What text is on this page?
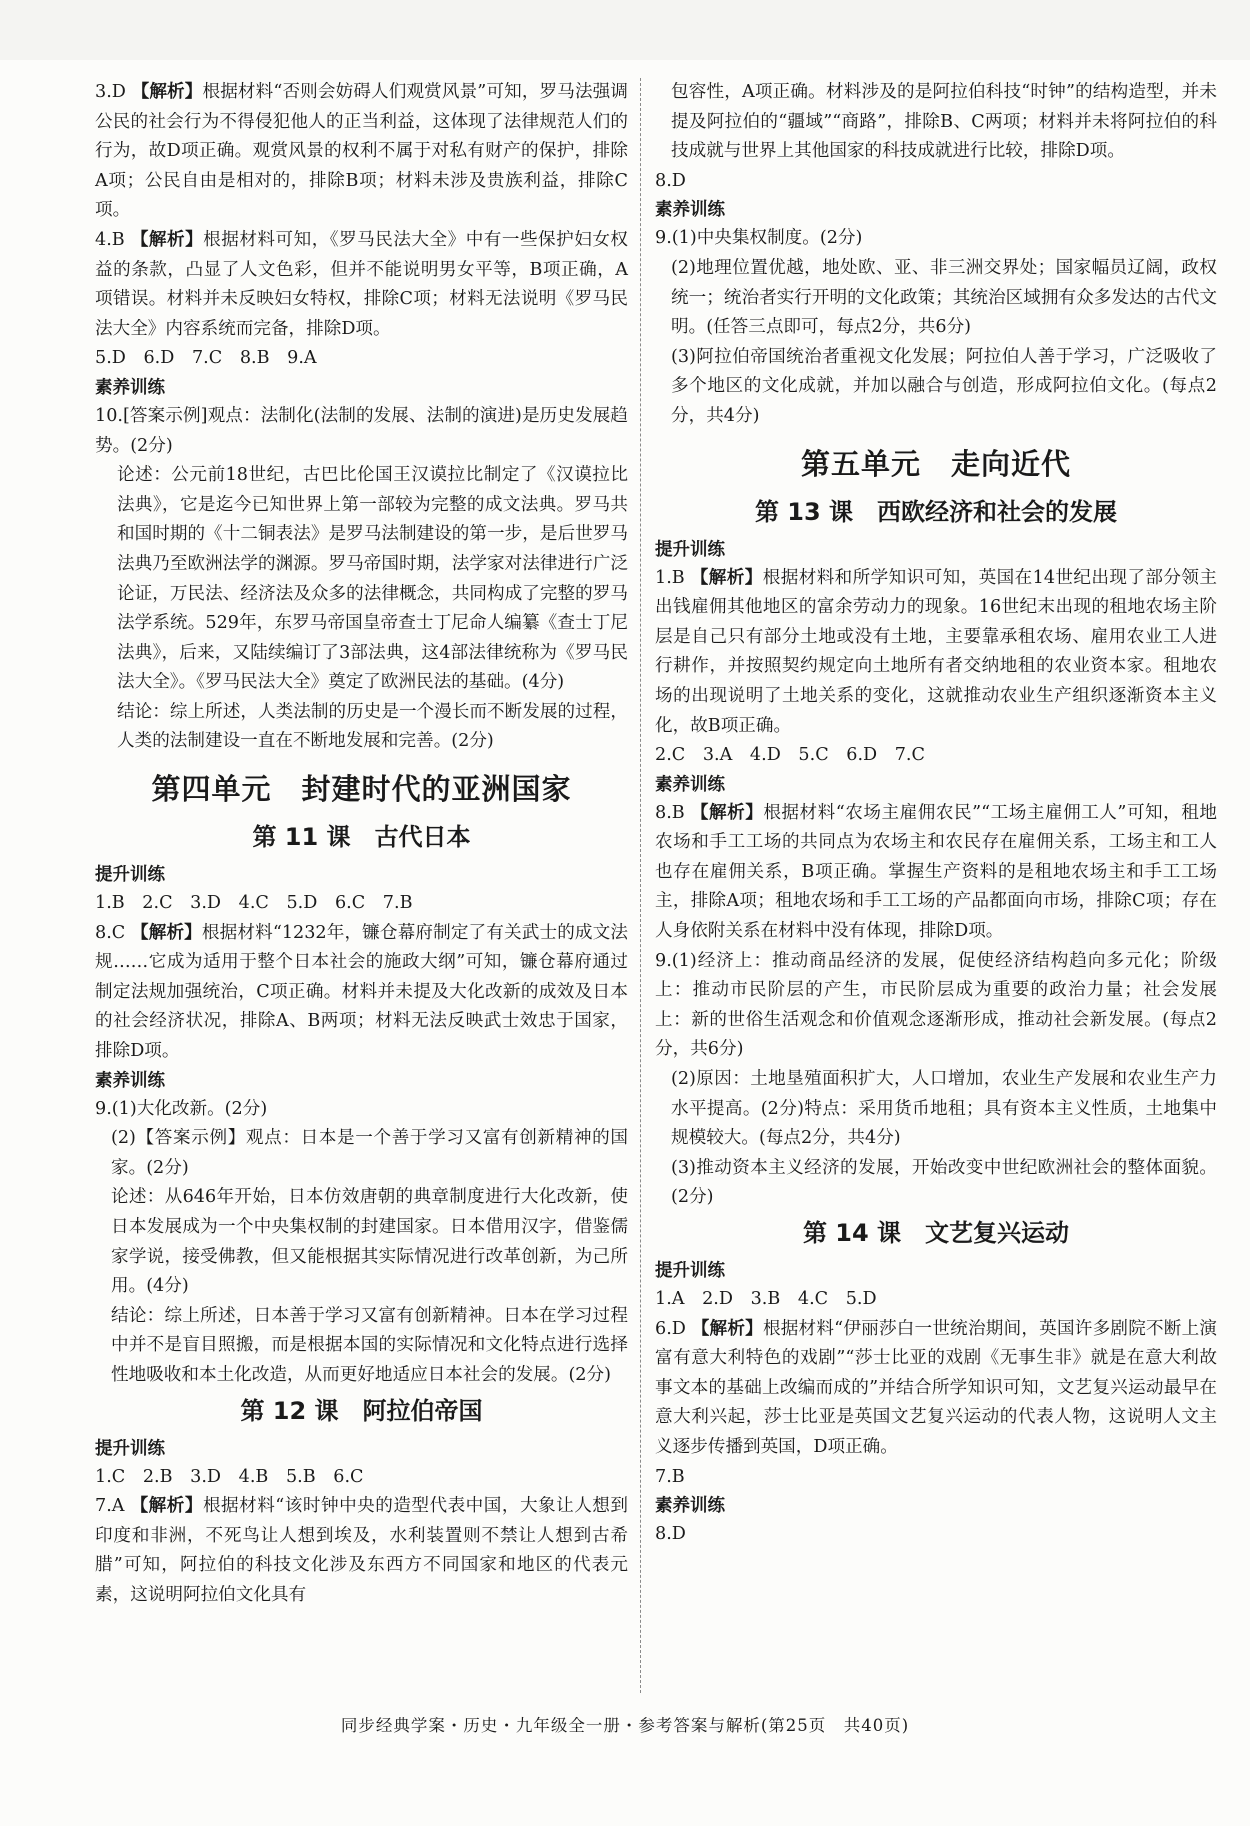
3.D 【解析】根据材料“否则会妨碍人们观赏风景”可知，罗马法强调公民的社会行为不得侵犯他人的正当利益，这体现了法律规范人们的行为，故D项正确。观赏风景的权利不属于对私有财产的保护，排除A项；公民自由是相对的，排除B项；材料未涉及贵族利益，排除C项。

4.B 【解析】根据材料可知，《罗马民法大全》中有一些保护妇女权益的条款，凸显了人文色彩，但并不能说明男女平等，B项正确，A项错误。材料并未反映妇女特权，排除C项；材料无法说明《罗马民法大全》内容系统而完备，排除D项。

5.D　6.D　7.C　8.B　9.A

素养训练

10.[答案示例]观点：法制化(法制的发展、法制的演进)是历史发展趋势。(2分)

论述：公元前18世纪，古巴比伦国王汉谟拉比制定了《汉谟拉比法典》，它是迄今已知世界上第一部较为完整的成文法典。罗马共和国时期的《十二铜表法》是罗马法制建设的第一步，是后世罗马法典乃至欧洲法学的渊源。罗马帝国时期，法学家对法律进行广泛论证，万民法、经济法及众多的法律概念，共同构成了完整的罗马法学系统。529年，东罗马帝国皇帝查士丁尼命人编纂《查士丁尼法典》，后来，又陆续编订了3部法典，这4部法律统称为《罗马民法大全》。《罗马民法大全》奠定了欧洲民法的基础。(4分)

结论：综上所述，人类法制的历史是一个漫长而不断发展的过程，人类的法制建设一直在不断地发展和完善。(2分)

第四单元　封建时代的亚洲国家
第 11 课　古代日本

提升训练

1.B　2.C　3.D　4.C　5.D　6.C　7.B

8.C 【解析】根据材料“1232年，镰仓幕府制定了有关武士的成文法规……它成为适用于整个日本社会的施政大纲”可知，镰仓幕府通过制定法规加强统治，C项正确。材料并未提及大化改新的成效及日本的社会经济状况，排除A、B两项；材料无法反映武士效忠于国家，排除D项。

素养训练

9.(1)大化改新。(2分)

(2)【答案示例】观点：日本是一个善于学习又富有创新精神的国家。(2分)

论述：从646年开始，日本仿效唐朝的典章制度进行大化改新，使日本发展成为一个中央集权制的封建国家。日本借用汉字，借鉴儒家学说，接受佛教，但又能根据其实际情况进行改革创新，为己所用。(4分)

结论：综上所述，日本善于学习又富有创新精神。日本在学习过程中并不是盲目照搬，而是根据本国的实际情况和文化特点进行选择性地吸收和本土化改造，从而更好地适应日本社会的发展。(2分)

第 12 课　阿拉伯帝国

提升训练

1.C　2.B　3.D　4.B　5.B　6.C

7.A 【解析】根据材料“该时钟中央的造型代表中国，大象让人想到印度和非洲，不死鸟让人想到埃及，水利装置则不禁让人想到古希腊”可知，阿拉伯的科技文化涉及东西方不同国家和地区的代表元素，这说明阿拉伯文化具有

包容性，A项正确。材料涉及的是阿拉伯科技“时钟”的结构造型，并未提及阿拉伯的“疆域”“商路”，排除B、C两项；材料并未将阿拉伯的科技成就与世界上其他国家的科技成就进行比较，排除D项。

8.D

素养训练

9.(1)中央集权制度。(2分)

(2)地理位置优越，地处欧、亚、非三洲交界处；国家幅员辽阔，政权统一；统治者实行开明的文化政策；其统治区域拥有众多发达的古代文明。(任答三点即可，每点2分，共6分)

(3)阿拉伯帝国统治者重视文化发展；阿拉伯人善于学习，广泛吸收了多个地区的文化成就，并加以融合与创造，形成阿拉伯文化。(每点2分，共4分)

第五单元　走向近代
第 13 课　西欧经济和社会的发展

提升训练

1.B 【解析】根据材料和所学知识可知，英国在14世纪出现了部分领主出钱雇佣其他地区的富余劳动力的现象。16世纪末出现的租地农场主阶层是自己只有部分土地或没有土地，主要靠承租农场、雇用农业工人进行耕作，并按照契约规定向土地所有者交纳地租的农业资本家。租地农场的出现说明了土地关系的变化，这就推动农业生产组织逐渐资本主义化，故B项正确。

2.C　3.A　4.D　5.C　6.D　7.C

素养训练

8.B 【解析】根据材料“农场主雇佣农民”“工场主雇佣工人”可知，租地农场和手工工场的共同点为农场主和农民存在雇佣关系，工场主和工人也存在雇佣关系，B项正确。掌握生产资料的是租地农场主和手工工场主，排除A项；租地农场和手工工场的产品都面向市场，排除C项；存在人身依附关系在材料中没有体现，排除D项。

9.(1)经济上：推动商品经济的发展，促使经济结构趋向多元化；阶级上：推动市民阶层的产生，市民阶层成为重要的政治力量；社会发展上：新的世俗生活观念和价值观念逐渐形成，推动社会新发展。(每点2分，共6分)

(2)原因：土地垦殖面积扩大，人口增加，农业生产发展和农业生产力水平提高。(2分)特点：采用货币地租；具有资本主义性质，土地集中规模较大。(每点2分，共4分)

(3)推动资本主义经济的发展，开始改变中世纪欧洲社会的整体面貌。(2分)

第 14 课　文艺复兴运动

提升训练

1.A　2.D　3.B　4.C　5.D

6.D 【解析】根据材料“伊丽莎白一世统治期间，英国许多剧院不断上演富有意大利特色的戏剧”“莎士比亚的戏剧《无事生非》就是在意大利故事文本的基础上改编而成的”并结合所学知识可知，文艺复兴运动最早在意大利兴起，莎士比亚是英国文艺复兴运动的代表人物，这说明人文主义逐步传播到英国，D项正确。

7.B

素养训练

8.D

同步经典学案・历史・九年级全一册・参考答案与解析(第25页　共40页)
